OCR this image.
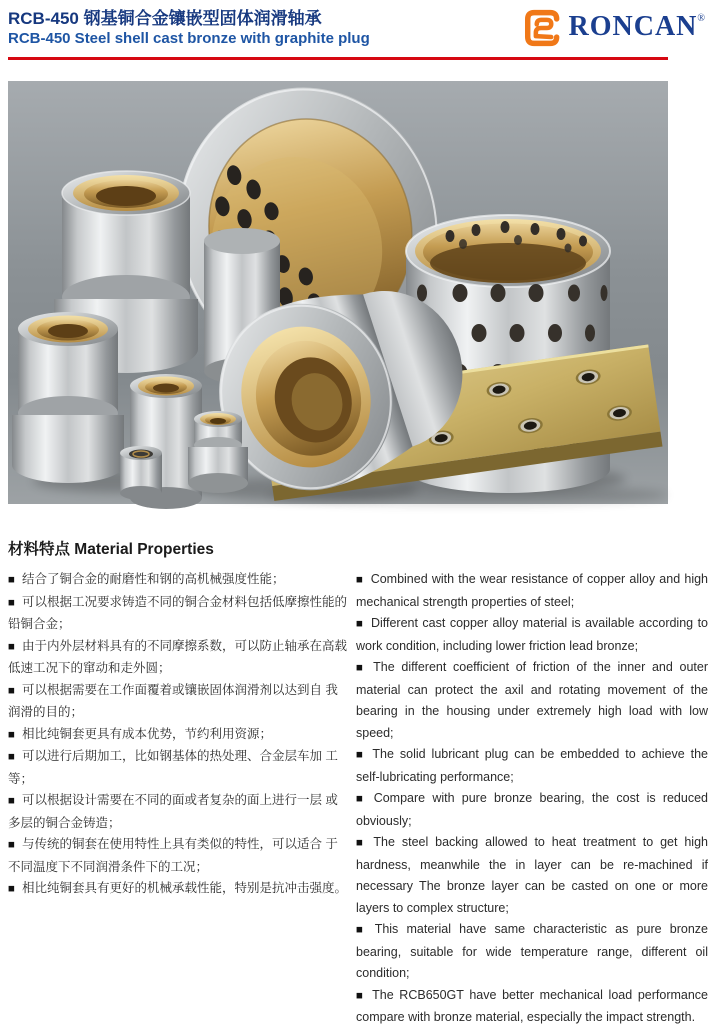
RCB-450 钢基铜合金镶嵌型固体润滑轴承
RCB-450 Steel shell cast bronze with graphite plug	RONCAN®
材料特点 Material Properties

■ 结合了铜合金的耐磨性和钢的高机械强度性能；

■ 可以根据工况要求铸造不同的铜合金材料包括低摩擦性能的铅铜合金；

■ 由于内外层材料具有的不同摩擦系数，可以防止轴承在高载低速工况下的窜动和走外圆；

■ 可以根据需要在工作面覆着或镶嵌固体润滑剂以达到自 我润滑的目的；

■ 相比纯铜套更具有成本优势，节约利用资源；

■ 可以进行后期加工，比如钢基体的热处理、合金层车加 工等；

■ 可以根据设计需要在不同的面或者复杂的面上进行一层 或多层的铜合金铸造；

■ 与传统的铜套在使用特性上具有类似的特性，可以适合 于不同温度下不同润滑条件下的工况；

■ 相比纯铜套具有更好的机械承载性能，特别是抗冲击强度。

■ Combined with the wear resistance of copper alloy and high mechanical strength properties of steel;

■ Different cast copper alloy material is available according to work condition, including lower friction lead bronze;

■ The different coefficient of friction of the inner and outer material can protect the axil and rotating movement of the bearing in the housing under extremely high load with low speed;

■ The solid lubricant plug can be embedded to achieve the self-lubricating performance;

■ Compare with pure bronze bearing, the cost is reduced obviously;

■ The steel backing allowed to heat treatment to get high hardness, meanwhile the in layer can be re-machined if necessary The bronze layer can be casted on one or more layers to complex structure;

■ This material have same characteristic as pure bronze bearing, suitable for wide temperature range, different oil condition;

■ The RCB650GT have better mechanical load performance compare with bronze material, especially the impact strength.
